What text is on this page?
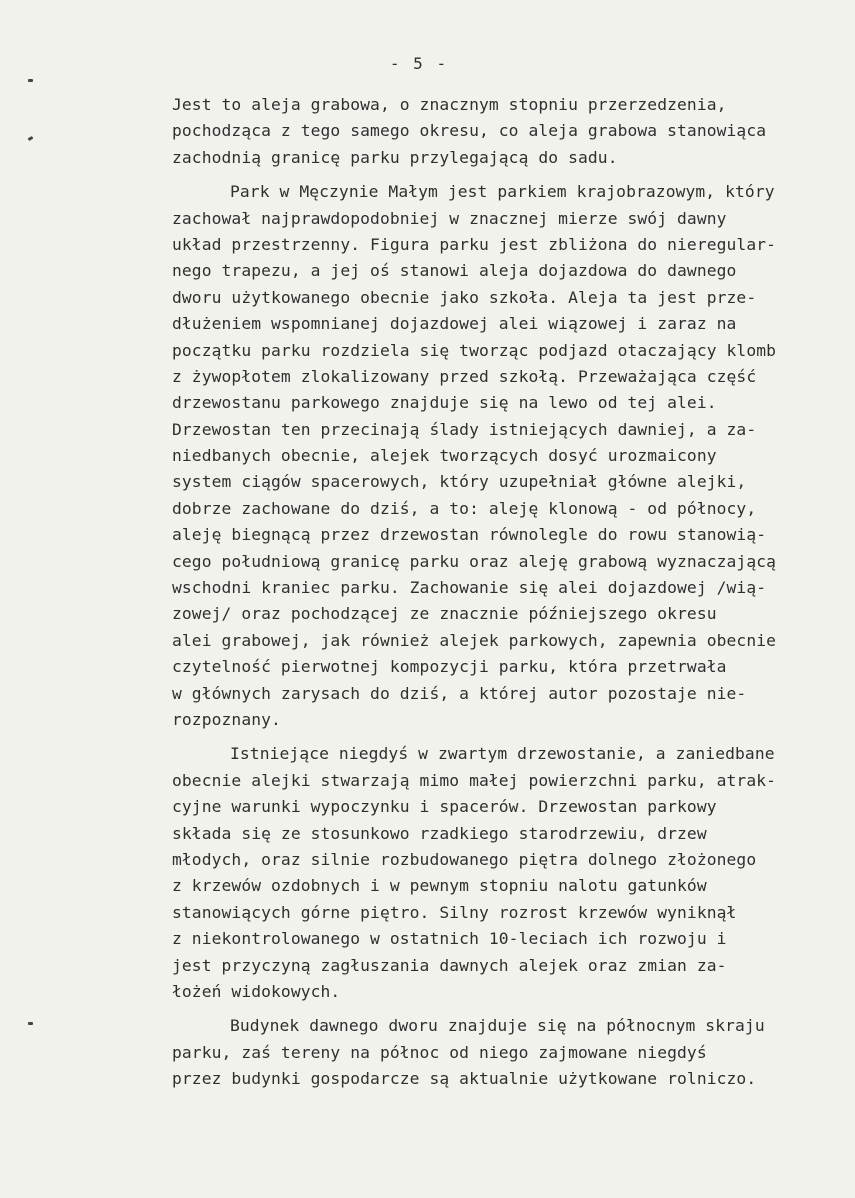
- 5 -
Jest to aleja grabowa, o znacznym stopniu przerzedzenia,
pochodząca z tego samego okresu, co aleja grabowa stanowiąca
zachodnią granicę parku przylegającą do sadu.
Park w Męczynie Małym jest parkiem krajobrazowym, który
zachował najprawdopodobniej w znacznej mierze swój dawny
układ przestrzenny. Figura parku jest zbliżona do nieregular-
nego trapezu, a jej oś stanowi aleja dojazdowa do dawnego
dworu użytkowanego obecnie jako szkoła. Aleja ta jest prze-
dłużeniem wspomnianej dojazdowej alei wiązowej i zaraz na
początku parku rozdziela się tworząc podjazd otaczający klomb
z żywopłotem zlokalizowany przed szkołą. Przeważająca część
drzewostanu parkowego znajduje się na lewo od tej alei.
Drzewostan ten przecinają ślady istniejących dawniej, a za-
niedbanych obecnie, alejek tworzących dosyć urozmaicony
system ciągów spacerowych, który uzupełniał główne alejki,
dobrze zachowane do dziś, a to: aleję klonową - od północy,
aleję biegnącą przez drzewostan równolegle do rowu stanowią-
cego południową granicę parku oraz aleję grabową wyznaczającą
wschodni kraniec parku. Zachowanie się alei dojazdowej /wią-
zowej/ oraz pochodzącej ze znacznie późniejszego okresu
alei grabowej, jak również alejek parkowych, zapewnia obecnie
czytelność pierwotnej kompozycji parku, która przetrwała
w głównych zarysach do dziś, a której autor pozostaje nie-
rozpoznany.
Istniejące niegdyś w zwartym drzewostanie, a zaniedbane
obecnie alejki stwarzają mimo małej powierzchni parku, atrak-
cyjne warunki wypoczynku i spacerów. Drzewostan parkowy
składa się ze stosunkowo rzadkiego starodrzewiu, drzew
młodych, oraz silnie rozbudowanego piętra dolnego złożonego
z krzewów ozdobnych i w pewnym stopniu nalotu gatunków
stanowiących górne piętro. Silny rozrost krzewów wyniknął
z niekontrolowanego w ostatnich 10-leciach ich rozwoju i
jest przyczyną zagłuszania dawnych alejek oraz zmian za-
łożeń widokowych.
Budynek dawnego dworu znajduje się na północnym skraju
parku, zaś tereny na północ od niego zajmowane niegdyś
przez budynki gospodarcze są aktualnie użytkowane rolniczo.
